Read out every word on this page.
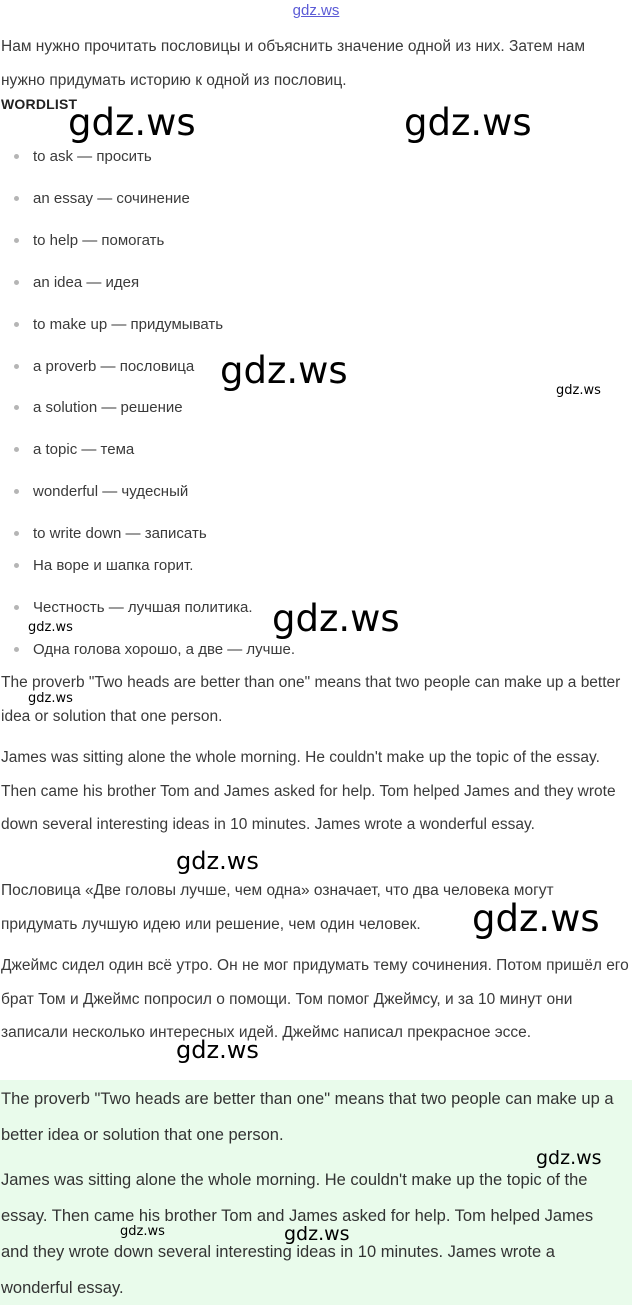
gdz.ws

Нам нужно прочитать пословицы и объяснить значение одной из них. Затем нам нужно придумать историю к одной из пословиц.

WORDLIST
to ask — просить
an essay — сочинение
to help — помогать
an idea — идея
to make up — придумывать
a proverb — пословица
a solution — решение
a topic — тема
wonderful — чудесный
to write down — записать
На воре и шапка горит.
Честность — лучшая политика.
Одна голова хорошо, а две — лучше.

The proverb "Two heads are better than one" means that two people can make up a better idea or solution that one person.

James was sitting alone the whole morning. He couldn't make up the topic of the essay. Then came his brother Tom and James asked for help. Tom helped James and they wrote down several interesting ideas in 10 minutes. James wrote a wonderful essay.

Пословица «Две головы лучше, чем одна» означает, что два человека могут придумать лучшую идею или решение, чем один человек.

Джеймс сидел один всё утро. Он не мог придумать тему сочинения. Потом пришёл его брат Том и Джеймс попросил о помощи. Том помог Джеймсу, и за 10 минут они записали несколько интересных идей. Джеймс написал прекрасное эссе.

The proverb "Two heads are better than one" means that two people can make up a better idea or solution that one person.

James was sitting alone the whole morning. He couldn't make up the topic of the essay. Then came his brother Tom and James asked for help. Tom helped James and they wrote down several interesting ideas in 10 minutes. James wrote a wonderful essay.

gdz.ws	gdz.ws
gdz.ws	gdz.ws
gdz.ws
gdz.ws
gdz.ws
gdz.ws
gdz.ws
gdz.ws
gdz.ws
gdz.ws	gdz.ws
